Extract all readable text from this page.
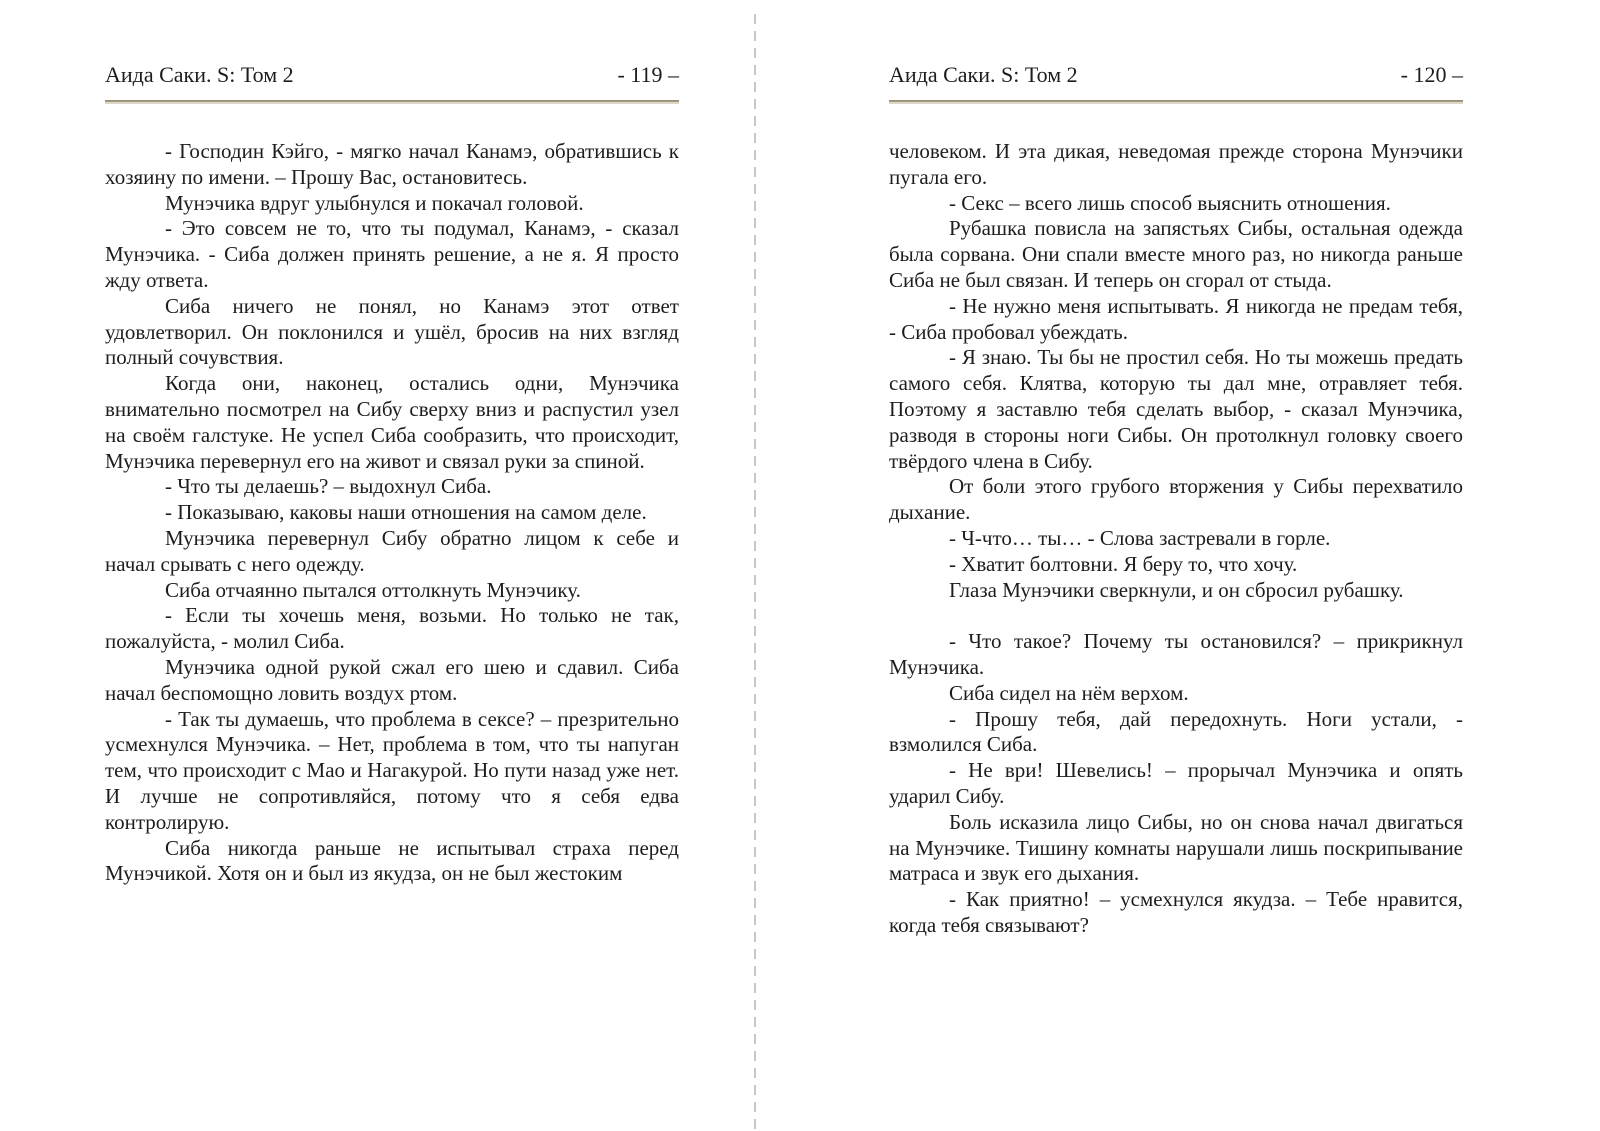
Аида Саки. S: Том 2	- 119 –

- Господин Кэйго, - мягко начал Канамэ, обратившись к хозяину по имени. – Прошу Вас, остановитесь.

Мунэчика вдруг улыбнулся и покачал головой.

- Это совсем не то, что ты подумал, Канамэ, - сказал Мунэчика. - Сиба должен принять решение, а не я. Я просто жду ответа.

Сиба ничего не понял, но Канамэ этот ответ удовлетворил. Он поклонился и ушёл, бросив на них взгляд полный сочувствия.

Когда они, наконец, остались одни, Мунэчика внимательно посмотрел на Сибу сверху вниз и распустил узел на своём галстуке. Не успел Сиба сообразить, что происходит, Мунэчика перевернул его на живот и связал руки за спиной.

- Что ты делаешь? – выдохнул Сиба.

- Показываю, каковы наши отношения на самом деле.

Мунэчика перевернул Сибу обратно лицом к себе и начал срывать с него одежду.

Сиба отчаянно пытался оттолкнуть Мунэчику.

- Если ты хочешь меня, возьми. Но только не так, пожалуйста, - молил Сиба.

Мунэчика одной рукой сжал его шею и сдавил. Сиба начал беспомощно ловить воздух ртом.

- Так ты думаешь, что проблема в сексе? – презрительно усмехнулся Мунэчика. – Нет, проблема в том, что ты напуган тем, что происходит с Мао и Нагакурой. Но пути назад уже нет. И лучше не сопротивляйся, потому что я себя едва контролирую.

Сиба никогда раньше не испытывал страха перед Мунэчикой. Хотя он и был из якудза, он не был жестоким

Аида Саки. S: Том 2	- 120 –

человеком. И эта дикая, неведомая прежде сторона Мунэчики пугала его.

- Секс – всего лишь способ выяснить отношения.

Рубашка повисла на запястьях Сибы, остальная одежда была сорвана. Они спали вместе много раз, но никогда раньше Сиба не был связан. И теперь он сгорал от стыда.

- Не нужно меня испытывать. Я никогда не предам тебя, - Сиба пробовал убеждать.

- Я знаю. Ты бы не простил себя. Но ты можешь предать самого себя. Клятва, которую ты дал мне, отравляет тебя. Поэтому я заставлю тебя сделать выбор, - сказал Мунэчика, разводя в стороны ноги Сибы. Он протолкнул головку своего твёрдого члена в Сибу.

От боли этого грубого вторжения у Сибы перехватило дыхание.

- Ч-что… ты… - Слова застревали в горле.

- Хватит болтовни. Я беру то, что хочу.

Глаза Мунэчики сверкнули, и он сбросил рубашку.

- Что такое? Почему ты остановился? – прикрикнул Мунэчика.

Сиба сидел на нём верхом.

- Прошу тебя, дай передохнуть. Ноги устали, - взмолился Сиба.

- Не ври! Шевелись! – прорычал Мунэчика и опять ударил Сибу.

Боль исказила лицо Сибы, но он снова начал двигаться на Мунэчике. Тишину комнаты нарушали лишь поскрипывание матраса и звук его дыхания.

- Как приятно! – усмехнулся якудза. – Тебе нравится, когда тебя связывают?
